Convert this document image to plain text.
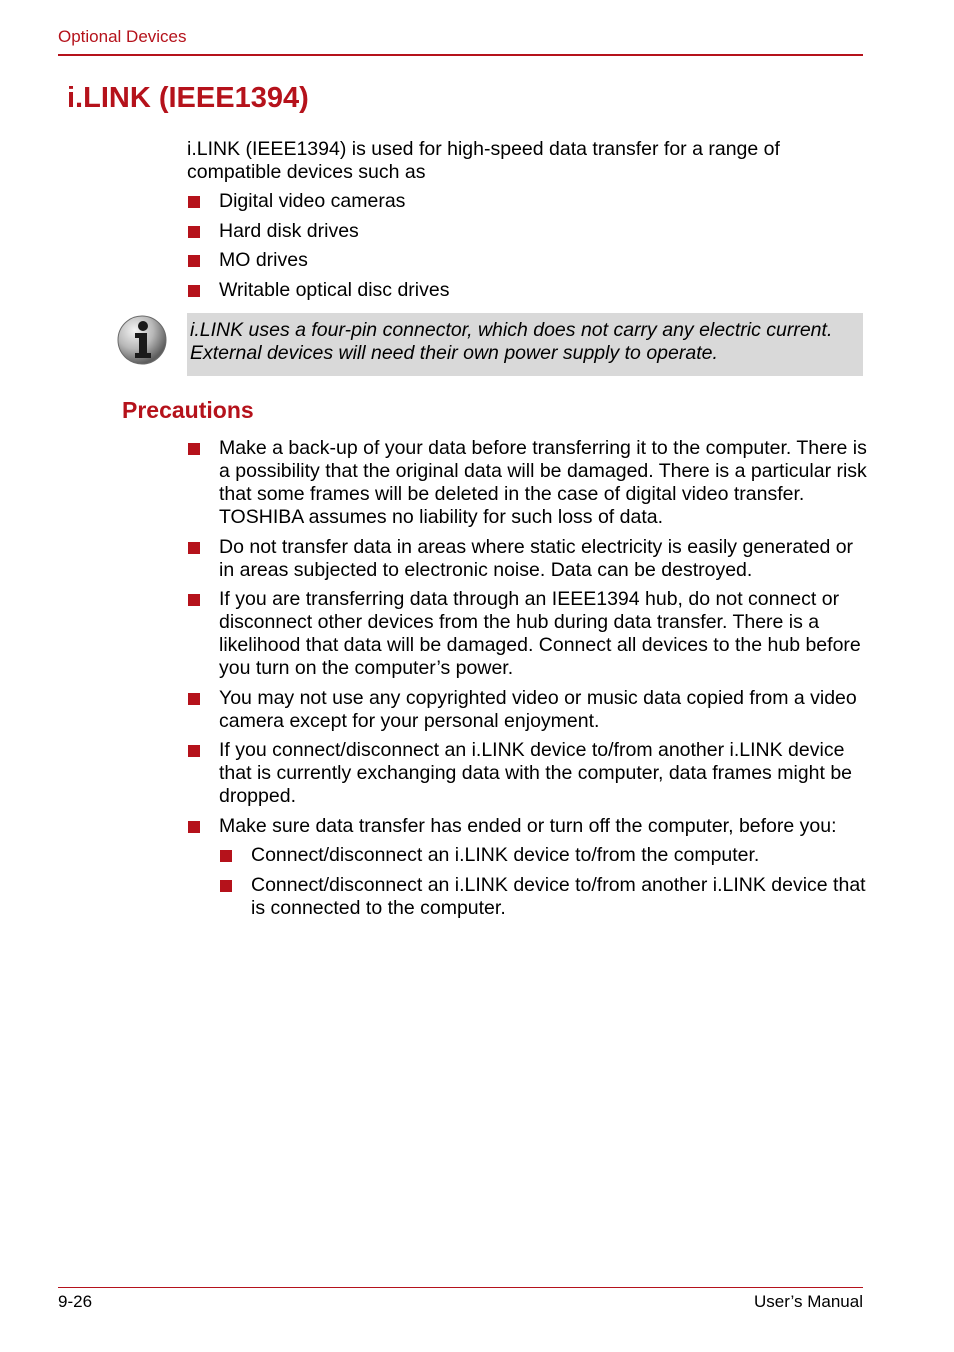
Optional Devices
i.LINK (IEEE1394)
i.LINK (IEEE1394) is used for high-speed data transfer for a range of compatible devices such as
Digital video cameras
Hard disk drives
MO drives
Writable optical disc drives
i.LINK uses a four-pin connector, which does not carry any electric current. External devices will need their own power supply to operate.
Precautions
Make a back-up of your data before transferring it to the computer. There is a possibility that the original data will be damaged. There is a particular risk that some frames will be deleted in the case of digital video transfer. TOSHIBA assumes no liability for such loss of data.
Do not transfer data in areas where static electricity is easily generated or in areas subjected to electronic noise. Data can be destroyed.
If you are transferring data through an IEEE1394 hub, do not connect or disconnect other devices from the hub during data transfer. There is a likelihood that data will be damaged. Connect all devices to the hub before you turn on the computer’s power.
You may not use any copyrighted video or music data copied from a video camera except for your personal enjoyment.
If you connect/disconnect an i.LINK device to/from another i.LINK device that is currently exchanging data with the computer, data frames might be dropped.
Make sure data transfer has ended or turn off the computer, before you:
Connect/disconnect an i.LINK device to/from the computer.
Connect/disconnect an i.LINK device to/from another i.LINK device that is connected to the computer.
9-26	User’s Manual
